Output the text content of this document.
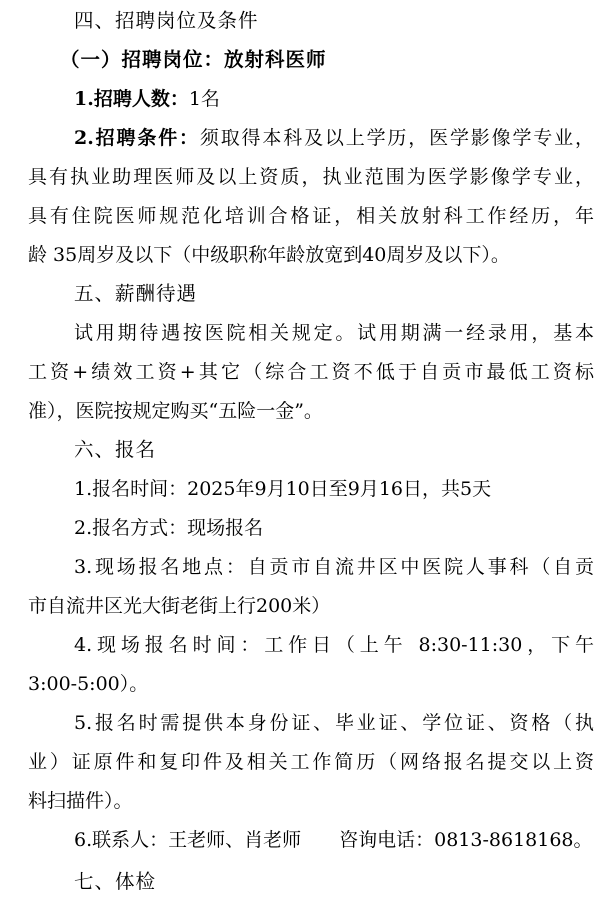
四、招聘岗位及条件
（一）招聘岗位：放射科医师
1.招聘人数：1名
2.招聘条件：须取得本科及以上学历，医学影像学专业，
具有执业助理医师及以上资质，执业范围为医学影像学专业，
具有住院医师规范化培训合格证，相关放射科工作经历，年
龄 35周岁及以下（中级职称年龄放宽到40周岁及以下）。
五、薪酬待遇
试用期待遇按医院相关规定。试用期满一经录用，基本
工资+绩效工资+其它（综合工资不低于自贡市最低工资标
准），医院按规定购买“五险一金”。
六、报名
1.报名时间：2025年9月10日至9月16日，共5天
2.报名方式：现场报名
3.现场报名地点：自贡市自流井区中医院人事科（自贡
市自流井区光大街老街上行200米）
4.现场报名时间：工作日（上午 8:30-11:30，下午
3:00-5:00）。
5.报名时需提供本身份证、毕业证、学位证、资格（执
业）证原件和复印件及相关工作简历（网络报名提交以上资
料扫描件）。
6.联系人：王老师、肖老师　　咨询电话：0813-8618168。
七、体检
